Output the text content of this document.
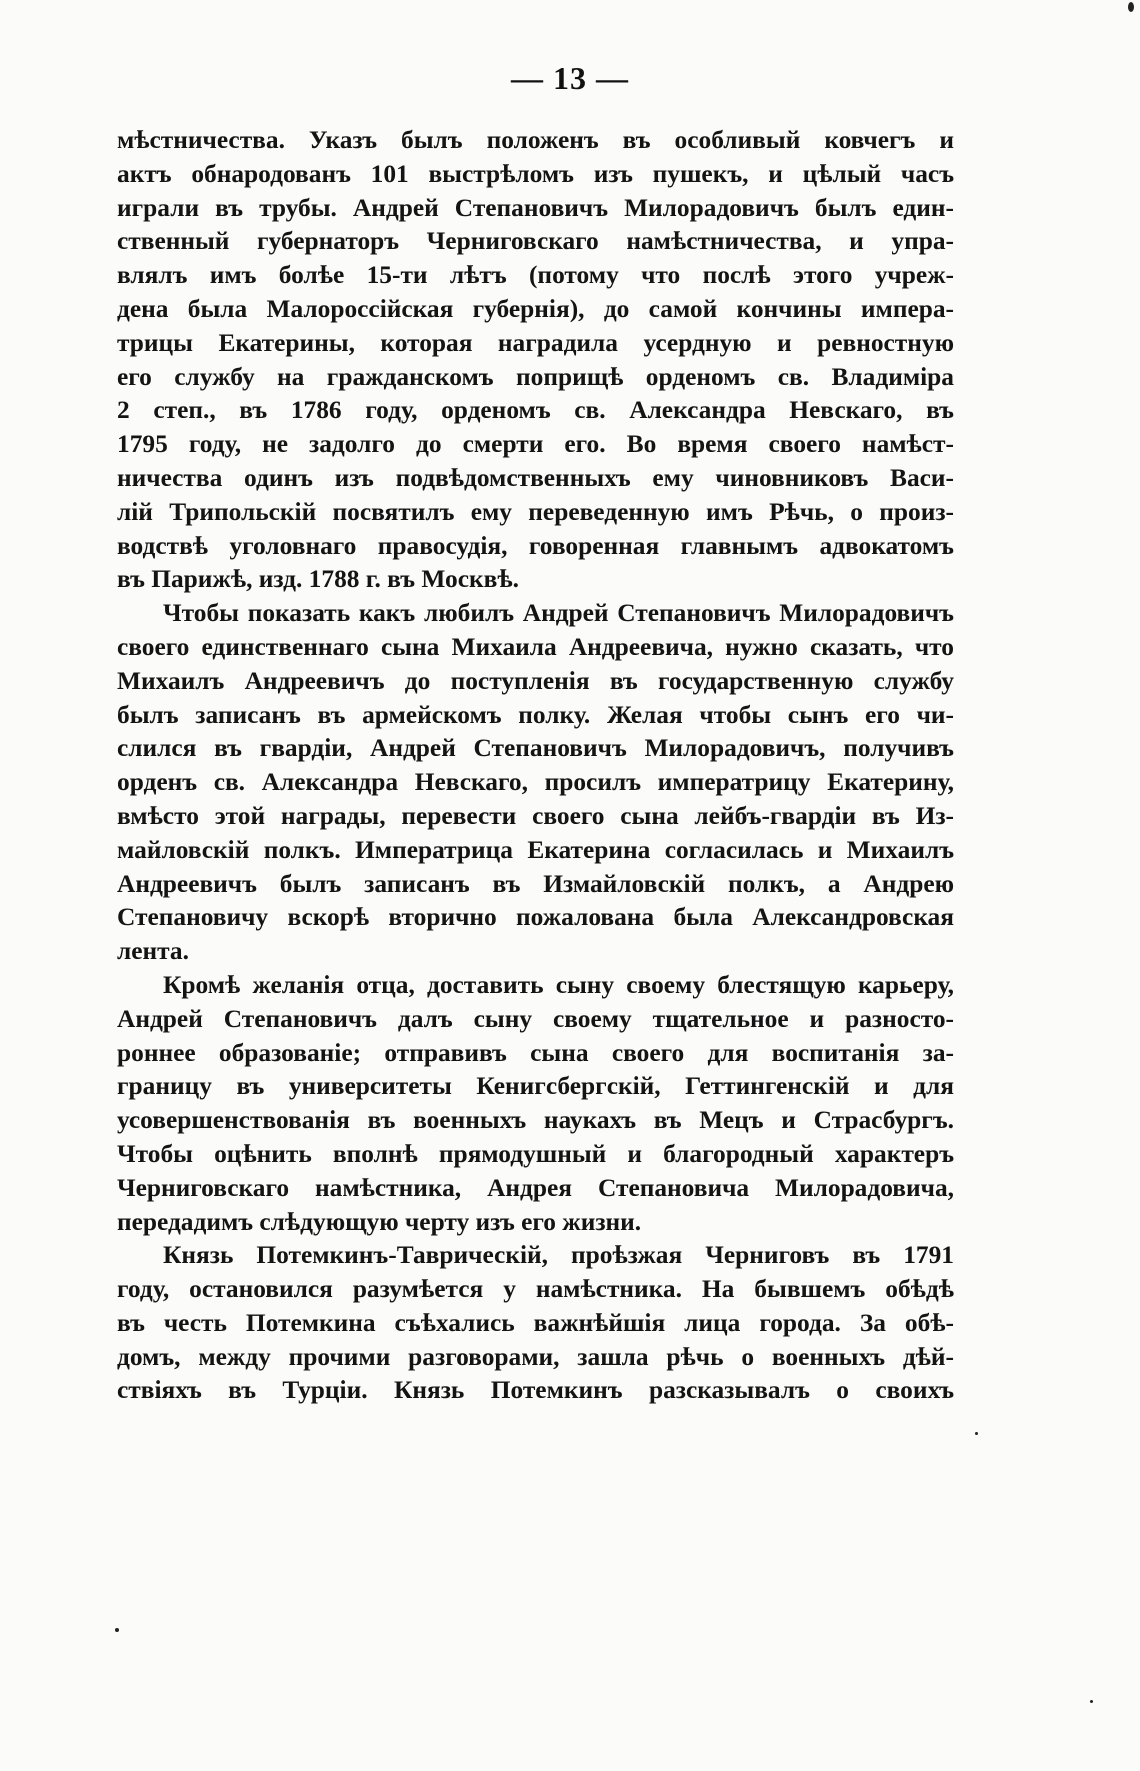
— 13 —
мѣстничества. Указъ былъ положенъ въ особливый ковчегъ и
актъ обнародованъ 101 выстрѣломъ изъ пушекъ, и цѣлый часъ
играли въ трубы. Андрей Степановичъ Милорадовичъ былъ един-
ственный губернаторъ Черниговскаго намѣстничества, и упра-
влялъ имъ болѣе 15-ти лѣтъ (потому что послѣ этого учреж-
дена была Малороссійская губернія), до самой кончины импера-
трицы Екатерины, которая наградила усердную и ревностную
его службу на гражданскомъ поприщѣ орденомъ св. Владиміра
2 степ., въ 1786 году, орденомъ св. Александра Невскаго, въ
1795 году, не задолго до смерти его. Во время своего намѣст-
ничества одинъ изъ подвѣдомственныхъ ему чиновниковъ Васи-
лій Трипольскій посвятилъ ему переведенную имъ Рѣчь, о произ-
водствѣ уголовнаго правосудія, говоренная главнымъ адвокатомъ
въ Парижѣ, изд. 1788 г. въ Москвѣ.
Чтобы показать какъ любилъ Андрей Степановичъ Милорадовичъ
своего единственнаго сына Михаила Андреевича, нужно сказать, что
Михаилъ Андреевичъ до поступленія въ государственную службу
былъ записанъ въ армейскомъ полку. Желая чтобы сынъ его чи-
слился въ гвардіи, Андрей Степановичъ Милорадовичъ, получивъ
орденъ св. Александра Невскаго, просилъ императрицу Екатерину,
вмѣсто этой награды, перевести своего сына лейбъ-гвардіи въ Из-
майловскій полкъ. Императрица Екатерина согласилась и Михаилъ
Андреевичъ былъ записанъ въ Измайловскій полкъ, а Андрею
Степановичу вскорѣ вторично пожалована была Александровская
лента.
Кромѣ желанія отца, доставить сыну своему блестящую карьеру,
Андрей Степановичъ далъ сыну своему тщательное и разносто-
роннее образованіе; отправивъ сына своего для воспитанія за-
границу въ университеты Кенигсбергскій, Геттингенскій и для
усовершенствованія въ военныхъ наукахъ въ Мецъ и Страсбургъ.
Чтобы оцѣнить вполнѣ прямодушный и благородный характеръ
Черниговскаго намѣстника, Андрея Степановича Милорадовича,
передадимъ слѣдующую черту изъ его жизни.
Князь Потемкинъ-Таврическій, проѣзжая Черниговъ въ 1791
году, остановился разумѣется у намѣстника. На бывшемъ обѣдѣ
въ честь Потемкина съѣхались важнѣйшія лица города. За обѣ-
домъ, между прочими разговорами, зашла рѣчь о военныхъ дѣй-
ствіяхъ въ Турціи. Князь Потемкинъ разсказывалъ о своихъ
